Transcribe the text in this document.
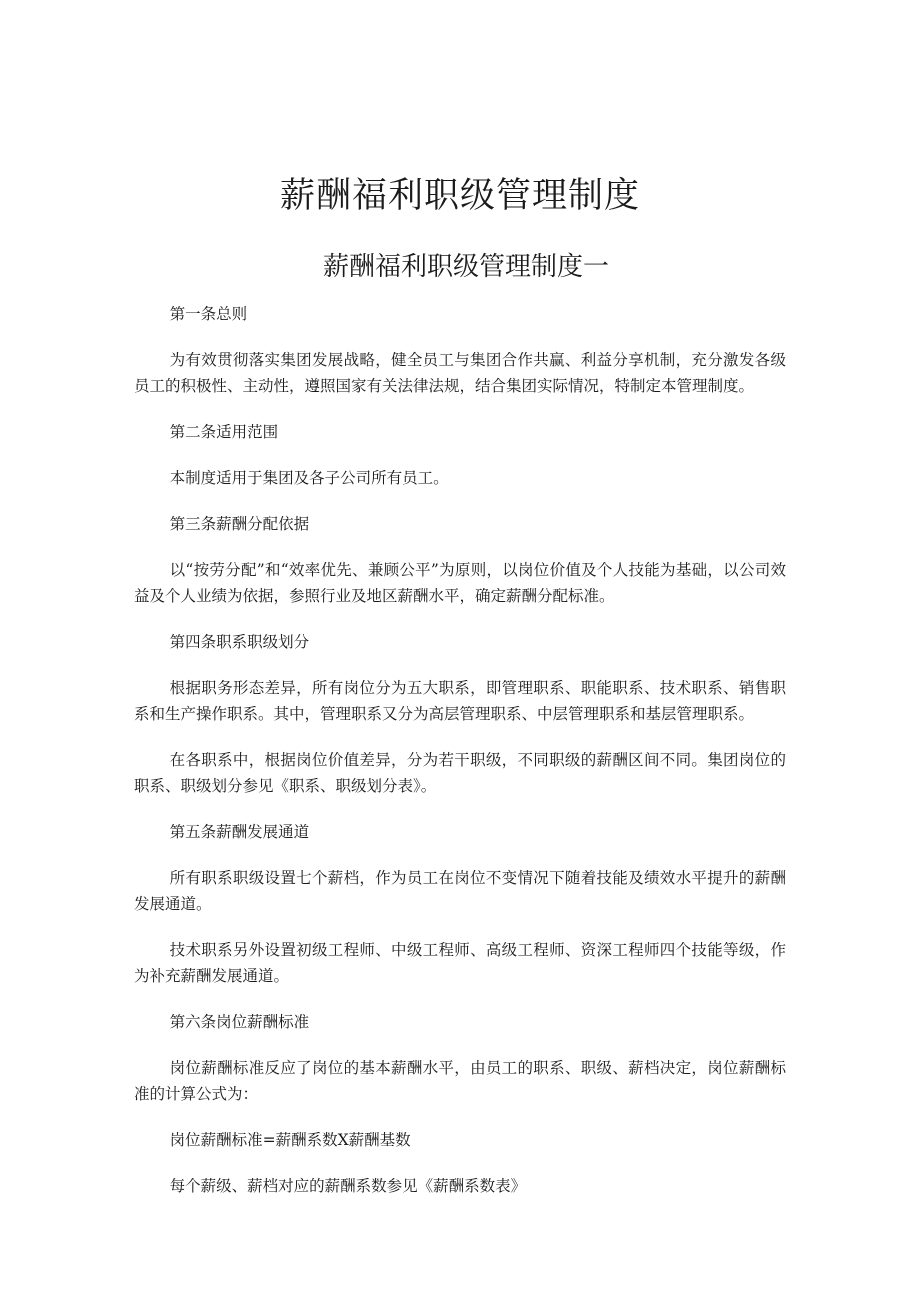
薪酬福利职级管理制度
薪酬福利职级管理制度一

第一条总则

为有效贯彻落实集团发展战略，健全员工与集团合作共赢、利益分享机制，充分激发各级员工的积极性、主动性，遵照国家有关法律法规，结合集团实际情况，特制定本管理制度。

第二条适用范围

本制度适用于集团及各子公司所有员工。

第三条薪酬分配依据

以“按劳分配”和“效率优先、兼顾公平”为原则，以岗位价值及个人技能为基础，以公司效益及个人业绩为依据，参照行业及地区薪酬水平，确定薪酬分配标准。

第四条职系职级划分

根据职务形态差异，所有岗位分为五大职系，即管理职系、职能职系、技术职系、销售职系和生产操作职系。其中，管理职系又分为高层管理职系、中层管理职系和基层管理职系。

在各职系中，根据岗位价值差异，分为若干职级，不同职级的薪酬区间不同。集团岗位的职系、职级划分参见《职系、职级划分表》。

第五条薪酬发展通道

所有职系职级设置七个薪档，作为员工在岗位不变情况下随着技能及绩效水平提升的薪酬发展通道。

技术职系另外设置初级工程师、中级工程师、高级工程师、资深工程师四个技能等级，作为补充薪酬发展通道。

第六条岗位薪酬标准

岗位薪酬标准反应了岗位的基本薪酬水平，由员工的职系、职级、薪档决定，岗位薪酬标准的计算公式为：

岗位薪酬标准=薪酬系数X薪酬基数

每个薪级、薪档对应的薪酬系数参见《薪酬系数表》
